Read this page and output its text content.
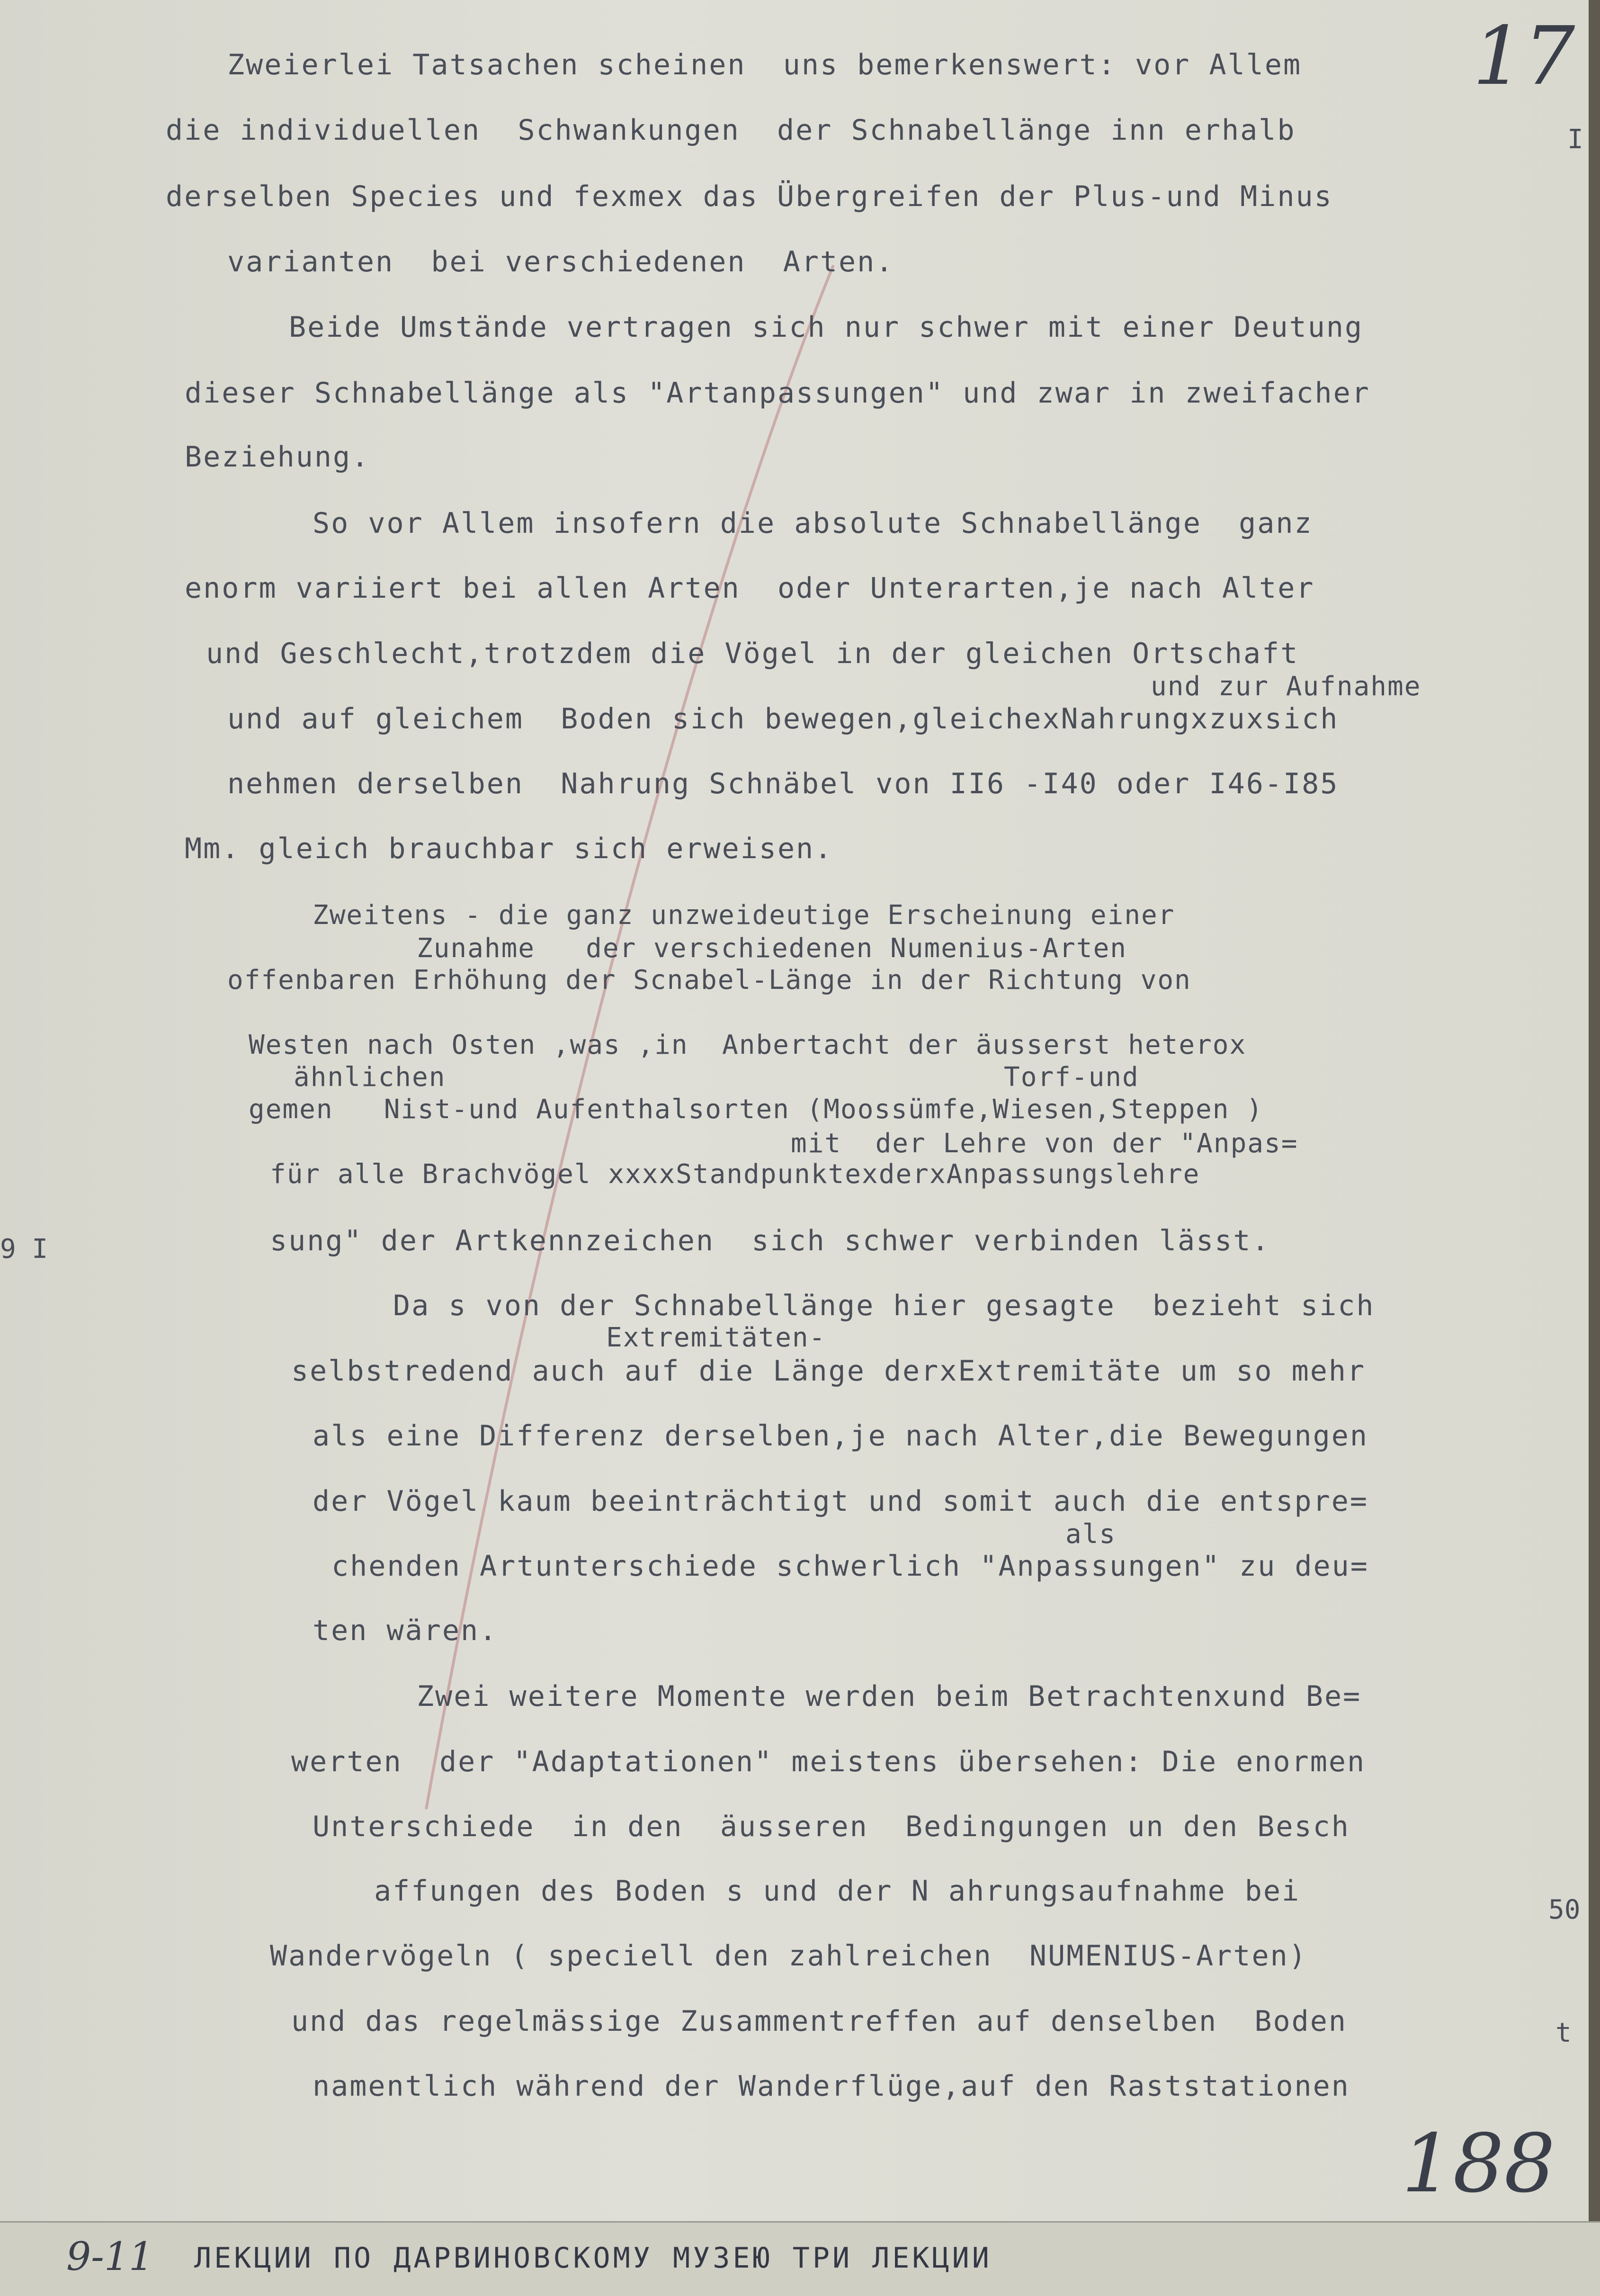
Zweierlei Tatsachen scheinen  uns bemerkenswert: vor Allem
die individuellen  Schwankungen  der Schnabellänge inn erhalb
derselben Species und fexmex das Übergreifen der Plus-und Minus
varianten  bei verschiedenen  Arten.
Beide Umstände vertragen sich nur schwer mit einer Deutung
dieser Schnabellänge als "Artanpassungen" und zwar in zweifacher
Beziehung.
So vor Allem insofern die absolute Schnabellänge  ganz
enorm variiert bei allen Arten  oder Unterarten,je nach Alter
und Geschlecht,trotzdem die Vögel in der gleichen Ortschaft
und zur Aufnahme
und auf gleichem  Boden sich bewegen,gleichexNahrungxzuxsich
nehmen derselben  Nahrung Schnäbel von II6 -I40 oder I46-I85
Mm. gleich brauchbar sich erweisen.
Zweitens - die ganz unzweideutige Erscheinung einer
Zunahme   der verschiedenen Numenius-Arten
offenbaren Erhöhung der Scnabel-Länge in der Richtung von
Westen nach Osten ,was ,in  Anbertacht der äusserst heterox
ähnlichen                                 Torf-und
gemen   Nist-und Aufenthalsorten (Moossümfe,Wiesen,Steppen )
mit  der Lehre von der "Anpas=
für alle Brachvögel xxxxStandpunktexderxAnpassungslehre
sung" der Artkennzeichen  sich schwer verbinden lässt.
Da s von der Schnabellänge hier gesagte  bezieht sich
Extremitäten-
selbstredend auch auf die Länge derxExtremitäte um so mehr
als eine Differenz derselben,je nach Alter,die Bewegungen
der Vögel kaum beeinträchtigt und somit auch die entspre=
als
chenden Artunterschiede schwerlich "Anpassungen" zu deu=
ten wären.
Zwei weitere Momente werden beim Betrachtenxund Be=
werten  der "Adaptationen" meistens übersehen: Die enormen
Unterschiede  in den  äusseren  Bedingungen un den Besch
affungen des Boden s und der N ahrungsaufnahme bei
Wandervögeln ( speciell den zahlreichen  NUMENIUS-Arten)
und das regelmässige Zusammentreffen auf denselben  Boden
namentlich während der Wanderflüge,auf den Raststationen
I
50
t
9 I
17
188
9-11 ЛЕКЦИИ ПО ДАРВИНОВСКОМУ МУЗЕЮ ТРИ ЛЕКЦИИ
